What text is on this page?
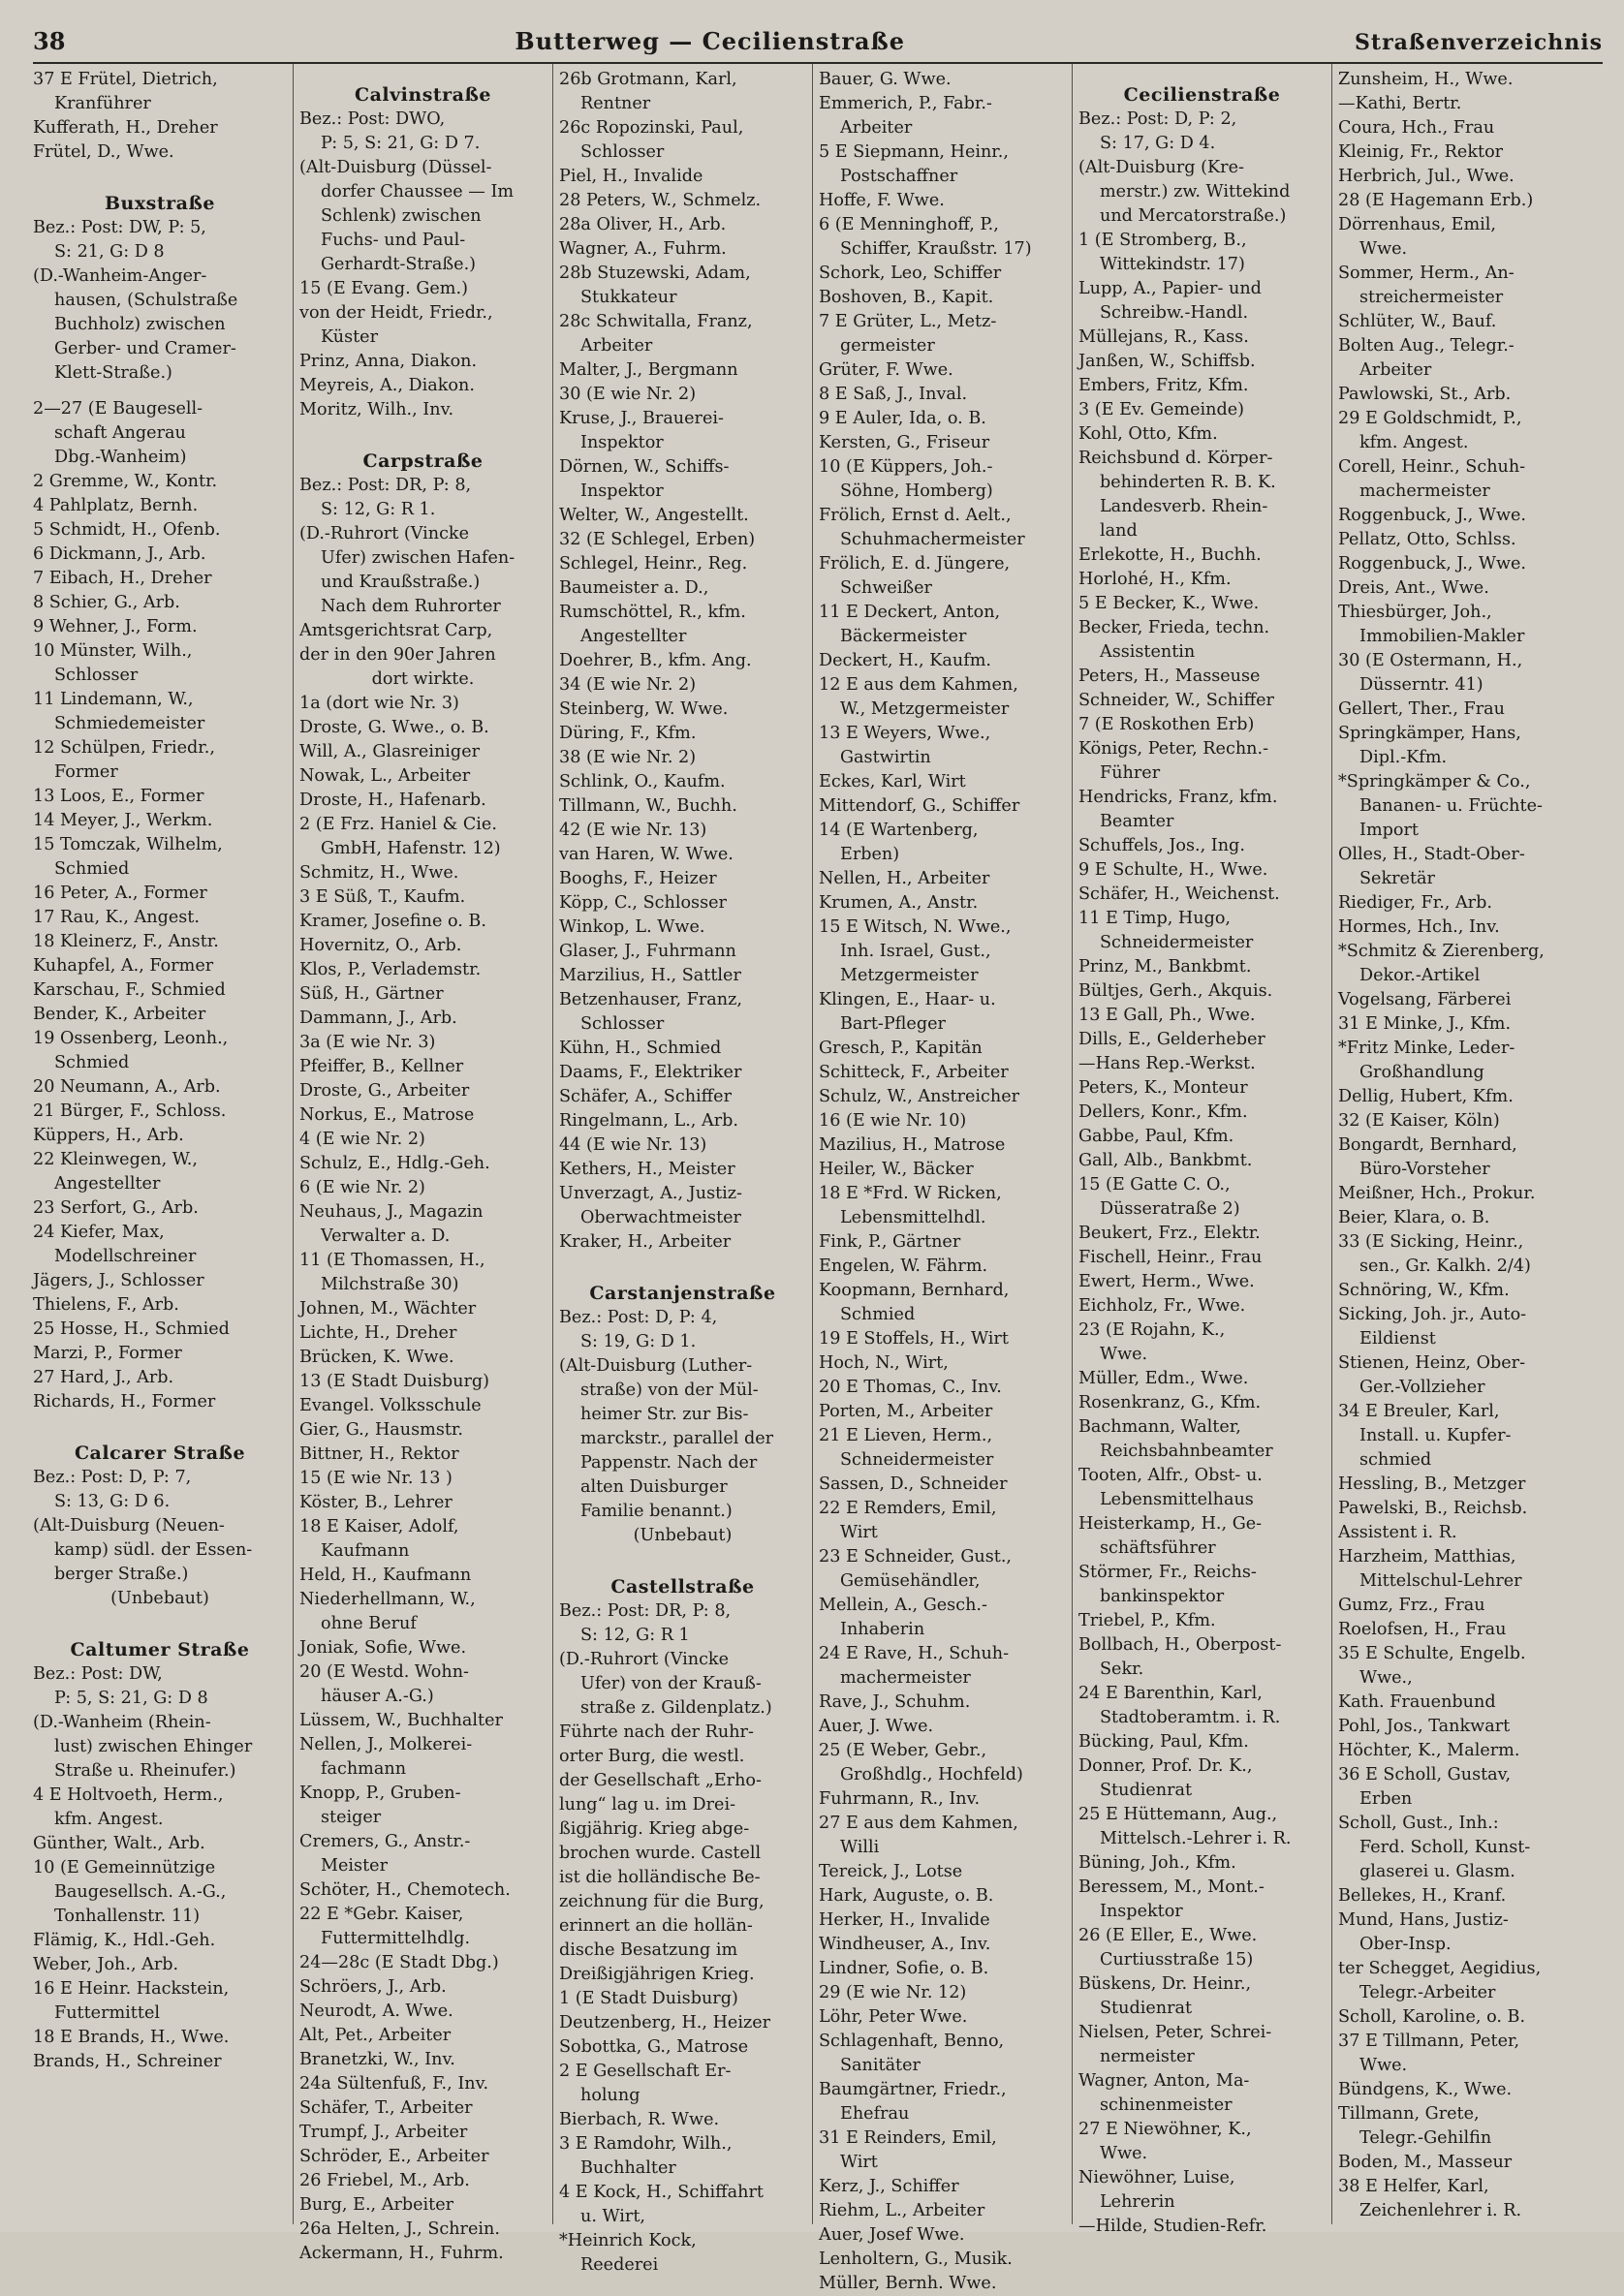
38	Butterweg — Cecilienstraße	Straßenverzeichnis
37 E Frütel, Dietrich,
Kranführer
Kufferath, H., Dreher
Frütel, D., Wwe.
Buxstraße
Bez.: Post: DW, P: 5,
S: 21, G: D 8
(D.-Wanheim-Anger-
hausen, (Schulstraße
Buchholz) zwischen
Gerber- und Cramer-
Klett-Straße.)
2—27 (E Baugesell-
schaft Angerau
Dbg.-Wanheim)
2 Gremme, W., Kontr.
4 Pahlplatz, Bernh.
5 Schmidt, H., Ofenb.
6 Dickmann, J., Arb.
7 Eibach, H., Dreher
8 Schier, G., Arb.
9 Wehner, J., Form.
10 Münster, Wilh.,
Schlosser
11 Lindemann, W.,
Schmiedemeister
12 Schülpen, Friedr.,
Former
13 Loos, E., Former
14 Meyer, J., Werkm.
15 Tomczak, Wilhelm,
Schmied
16 Peter, A., Former
17 Rau, K., Angest.
18 Kleinerz, F., Anstr.
Kuhapfel, A., Former
Karschau, F., Schmied
Bender, K., Arbeiter
19 Ossenberg, Leonh.,
Schmied
20 Neumann, A., Arb.
21 Bürger, F., Schloss.
Küppers, H., Arb.
22 Kleinwegen, W.,
Angestellter
23 Serfort, G., Arb.
24 Kiefer, Max,
Modellschreiner
Jägers, J., Schlosser
Thielens, F., Arb.
25 Hosse, H., Schmied
Marzi, P., Former
27 Hard, J., Arb.
Richards, H., Former
Calcarer Straße
Bez.: Post: D, P: 7,
S: 13, G: D 6.
(Alt-Duisburg (Neuen-
kamp) südl. der Essen-
berger Straße.)
(Unbebaut)
Caltumer Straße
Bez.: Post: DW,
P: 5, S: 21, G: D 8
(D.-Wanheim (Rhein-
lust) zwischen Ehinger
Straße u. Rheinufer.)
4 E Holtvoeth, Herm.,
kfm. Angest.
Günther, Walt., Arb.
10 (E Gemeinnützige
Baugesellsch. A.-G.,
Tonhallenstr. 11)
Flämig, K., Hdl.-Geh.
Weber, Joh., Arb.
16 E Heinr. Hackstein,
Futtermittel
18 E Brands, H., Wwe.
Brands, H., Schreiner
Calvinstraße
Bez.: Post: DWO,
P: 5, S: 21, G: D 7.
(Alt-Duisburg (Düssel-
dorfer Chaussee — Im
Schlenk) zwischen
Fuchs- und Paul-
Gerhardt-Straße.)
15 (E Evang. Gem.)
von der Heidt, Friedr.,
Küster
Prinz, Anna, Diakon.
Meyreis, A., Diakon.
Moritz, Wilh., Inv.
Carpstraße
Bez.: Post: DR, P: 8,
S: 12, G: R 1.
(D.-Ruhrort (Vincke
Ufer) zwischen Hafen-
und Kraußstraße.)
Nach dem Ruhrorter
Amtsgerichtsrat Carp,
der in den 90er Jahren
dort wirkte.
1a (dort wie Nr. 3)
Droste, G. Wwe., o. B.
Will, A., Glasreiniger
Nowak, L., Arbeiter
Droste, H., Hafenarb.
2 (E Frz. Haniel & Cie.
GmbH, Hafenstr. 12)
Schmitz, H., Wwe.
3 E Süß, T., Kaufm.
Kramer, Josefine o. B.
Hovernitz, O., Arb.
Klos, P., Verlademstr.
Süß, H., Gärtner
Dammann, J., Arb.
3a (E wie Nr. 3)
Pfeiffer, B., Kellner
Droste, G., Arbeiter
Norkus, E., Matrose
4 (E wie Nr. 2)
Schulz, E., Hdlg.-Geh.
6 (E wie Nr. 2)
Neuhaus, J., Magazin
Verwalter a. D.
11 (E Thomassen, H.,
Milchstraße 30)
Johnen, M., Wächter
Lichte, H., Dreher
Brücken, K. Wwe.
13 (E Stadt Duisburg)
Evangel. Volksschule
Gier, G., Hausmstr.
Bittner, H., Rektor
15 (E wie Nr. 13 )
Köster, B., Lehrer
18 E Kaiser, Adolf,
Kaufmann
Held, H., Kaufmann
Niederhellmann, W.,
ohne Beruf
Joniak, Sofie, Wwe.
20 (E Westd. Wohn-
häuser A.-G.)
Lüssem, W., Buchhalter
Nellen, J., Molkerei-
fachmann
Knopp, P., Gruben-
steiger
Cremers, G., Anstr.-
Meister
Schöter, H., Chemotech.
22 E *Gebr. Kaiser,
Futtermittelhdlg.
24—28c (E Stadt Dbg.)
Schröers, J., Arb.
Neurodt, A. Wwe.
Alt, Pet., Arbeiter
Branetzki, W., Inv.
24a Sültenfuß, F., Inv.
Schäfer, T., Arbeiter
Trumpf, J., Arbeiter
Schröder, E., Arbeiter
26 Friebel, M., Arb.
Burg, E., Arbeiter
26a Helten, J., Schrein.
Ackermann, H., Fuhrm.
26b Grotmann, Karl,
Rentner
26c Ropozinski, Paul,
Schlosser
Piel, H., Invalide
28 Peters, W., Schmelz.
28a Oliver, H., Arb.
Wagner, A., Fuhrm.
28b Stuzewski, Adam,
Stukkateur
28c Schwitalla, Franz,
Arbeiter
Malter, J., Bergmann
30 (E wie Nr. 2)
Kruse, J., Brauerei-
Inspektor
Dörnen, W., Schiffs-
Inspektor
Welter, W., Angestellt.
32 (E Schlegel, Erben)
Schlegel, Heinr., Reg.
Baumeister a. D.,
Rumschöttel, R., kfm.
Angestellter
Doehrer, B., kfm. Ang.
34 (E wie Nr. 2)
Steinberg, W. Wwe.
Düring, F., Kfm.
38 (E wie Nr. 2)
Schlink, O., Kaufm.
Tillmann, W., Buchh.
42 (E wie Nr. 13)
van Haren, W. Wwe.
Booghs, F., Heizer
Köpp, C., Schlosser
Winkop, L. Wwe.
Glaser, J., Fuhrmann
Marzilius, H., Sattler
Betzenhauser, Franz,
Schlosser
Kühn, H., Schmied
Daams, F., Elektriker
Schäfer, A., Schiffer
Ringelmann, L., Arb.
44 (E wie Nr. 13)
Kethers, H., Meister
Unverzagt, A., Justiz-
Oberwachtmeister
Kraker, H., Arbeiter
Carstanjenstraße
Bez.: Post: D, P: 4,
S: 19, G: D 1.
(Alt-Duisburg (Luther-
straße) von der Mül-
heimer Str. zur Bis-
marckstr., parallel der
Pappenstr. Nach der
alten Duisburger
Familie benannt.)
(Unbebaut)
Castellstraße
Bez.: Post: DR, P: 8,
S: 12, G: R 1
(D.-Ruhrort (Vincke
Ufer) von der Krauß-
straße z. Gildenplatz.)
Führte nach der Ruhr-
orter Burg, die westl.
der Gesellschaft „Erho-
lung“ lag u. im Drei-
ßigjährig. Krieg abge-
brochen wurde. Castell
ist die holländische Be-
zeichnung für die Burg,
erinnert an die hollän-
dische Besatzung im
Dreißigjährigen Krieg.
1 (E Stadt Duisburg)
Deutzenberg, H., Heizer
Sobottka, G., Matrose
2 E Gesellschaft Er-
holung
Bierbach, R. Wwe.
3 E Ramdohr, Wilh.,
Buchhalter
4 E Kock, H., Schiffahrt
u. Wirt,
*Heinrich Kock,
Reederei
Bauer, G. Wwe.
Emmerich, P., Fabr.-
Arbeiter
5 E Siepmann, Heinr.,
Postschaffner
Hoffe, F. Wwe.
6 (E Menninghoff, P.,
Schiffer, Kraußstr. 17)
Schork, Leo, Schiffer
Boshoven, B., Kapit.
7 E Grüter, L., Metz-
germeister
Grüter, F. Wwe.
8 E Saß, J., Inval.
9 E Auler, Ida, o. B.
Kersten, G., Friseur
10 (E Küppers, Joh.-
Söhne, Homberg)
Frölich, Ernst d. Aelt.,
Schuhmachermeister
Frölich, E. d. Jüngere,
Schweißer
11 E Deckert, Anton,
Bäckermeister
Deckert, H., Kaufm.
12 E aus dem Kahmen,
W., Metzgermeister
13 E Weyers, Wwe.,
Gastwirtin
Eckes, Karl, Wirt
Mittendorf, G., Schiffer
14 (E Wartenberg,
Erben)
Nellen, H., Arbeiter
Krumen, A., Anstr.
15 E Witsch, N. Wwe.,
Inh. Israel, Gust.,
Metzgermeister
Klingen, E., Haar- u.
Bart-Pfleger
Gresch, P., Kapitän
Schitteck, F., Arbeiter
Schulz, W., Anstreicher
16 (E wie Nr. 10)
Mazilius, H., Matrose
Heiler, W., Bäcker
18 E *Frd. W Ricken,
Lebensmittelhdl.
Fink, P., Gärtner
Engelen, W. Fährm.
Koopmann, Bernhard,
Schmied
19 E Stoffels, H., Wirt
Hoch, N., Wirt,
20 E Thomas, C., Inv.
Porten, M., Arbeiter
21 E Lieven, Herm.,
Schneidermeister
Sassen, D., Schneider
22 E Remders, Emil,
Wirt
23 E Schneider, Gust.,
Gemüsehändler,
Mellein, A., Gesch.-
Inhaberin
24 E Rave, H., Schuh-
machermeister
Rave, J., Schuhm.
Auer, J. Wwe.
25 (E Weber, Gebr.,
Großhdlg., Hochfeld)
Fuhrmann, R., Inv.
27 E aus dem Kahmen,
Willi
Tereick, J., Lotse
Hark, Auguste, o. B.
Herker, H., Invalide
Windheuser, A., Inv.
Lindner, Sofie, o. B.
29 (E wie Nr. 12)
Löhr, Peter Wwe.
Schlagenhaft, Benno,
Sanitäter
Baumgärtner, Friedr.,
Ehefrau
31 E Reinders, Emil,
Wirt
Kerz, J., Schiffer
Riehm, L., Arbeiter
Auer, Josef Wwe.
Lenholtern, G., Musik.
Müller, Bernh. Wwe.
Cecilienstraße
Bez.: Post: D, P: 2,
S: 17, G: D 4.
(Alt-Duisburg (Kre-
merstr.) zw. Wittekind
und Mercatorstraße.)
1 (E Stromberg, B.,
Wittekindstr. 17)
Lupp, A., Papier- und
Schreibw.-Handl.
Müllejans, R., Kass.
Janßen, W., Schiffsb.
Embers, Fritz, Kfm.
3 (E Ev. Gemeinde)
Kohl, Otto, Kfm.
Reichsbund d. Körper-
behinderten R. B. K.
Landesverb. Rhein-
land
Erlekotte, H., Buchh.
Horlohé, H., Kfm.
5 E Becker, K., Wwe.
Becker, Frieda, techn.
Assistentin
Peters, H., Masseuse
Schneider, W., Schiffer
7 (E Roskothen Erb)
Königs, Peter, Rechn.-
Führer
Hendricks, Franz, kfm.
Beamter
Schuffels, Jos., Ing.
9 E Schulte, H., Wwe.
Schäfer, H., Weichenst.
11 E Timp, Hugo,
Schneidermeister
Prinz, M., Bankbmt.
Bültjes, Gerh., Akquis.
13 E Gall, Ph., Wwe.
Dills, E., Gelderheber
—Hans Rep.-Werkst.
Peters, K., Monteur
Dellers, Konr., Kfm.
Gabbe, Paul, Kfm.
Gall, Alb., Bankbmt.
15 (E Gatte C. O.,
Düsseratraße 2)
Beukert, Frz., Elektr.
Fischell, Heinr., Frau
Ewert, Herm., Wwe.
Eichholz, Fr., Wwe.
23 (E Rojahn, K.,
Wwe.
Müller, Edm., Wwe.
Rosenkranz, G., Kfm.
Bachmann, Walter,
Reichsbahnbeamter
Tooten, Alfr., Obst- u.
Lebensmittelhaus
Heisterkamp, H., Ge-
schäftsführer
Störmer, Fr., Reichs-
bankinspektor
Triebel, P., Kfm.
Bollbach, H., Oberpost-
Sekr.
24 E Barenthin, Karl,
Stadtoberamtm. i. R.
Bücking, Paul, Kfm.
Donner, Prof. Dr. K.,
Studienrat
25 E Hüttemann, Aug.,
Mittelsch.-Lehrer i. R.
Büning, Joh., Kfm.
Beressem, M., Mont.-
Inspektor
26 (E Eller, E., Wwe.
Curtiusstraße 15)
Büskens, Dr. Heinr.,
Studienrat
Nielsen, Peter, Schrei-
nermeister
Wagner, Anton, Ma-
schinenmeister
27 E Niewöhner, K.,
Wwe.
Niewöhner, Luise,
Lehrerin
—Hilde, Studien-Refr.
Zunsheim, H., Wwe.
—Kathi, Bertr.
Coura, Hch., Frau
Kleinig, Fr., Rektor
Herbrich, Jul., Wwe.
28 (E Hagemann Erb.)
Dörrenhaus, Emil,
Wwe.
Sommer, Herm., An-
streichermeister
Schlüter, W., Bauf.
Bolten Aug., Telegr.-
Arbeiter
Pawlowski, St., Arb.
29 E Goldschmidt, P.,
kfm. Angest.
Corell, Heinr., Schuh-
machermeister
Roggenbuck, J., Wwe.
Pellatz, Otto, Schlss.
Roggenbuck, J., Wwe.
Dreis, Ant., Wwe.
Thiesbürger, Joh.,
Immobilien-Makler
30 (E Ostermann, H.,
Düsserntr. 41)
Gellert, Ther., Frau
Springkämper, Hans,
Dipl.-Kfm.
*Springkämper & Co.,
Bananen- u. Früchte-
Import
Olles, H., Stadt-Ober-
Sekretär
Riediger, Fr., Arb.
Hormes, Hch., Inv.
*Schmitz & Zierenberg,
Dekor.-Artikel
Vogelsang, Färberei
31 E Minke, J., Kfm.
*Fritz Minke, Leder-
Großhandlung
Dellig, Hubert, Kfm.
32 (E Kaiser, Köln)
Bongardt, Bernhard,
Büro-Vorsteher
Meißner, Hch., Prokur.
Beier, Klara, o. B.
33 (E Sicking, Heinr.,
sen., Gr. Kalkh. 2/4)
Schnöring, W., Kfm.
Sicking, Joh. jr., Auto-
Eildienst
Stienen, Heinz, Ober-
Ger.-Vollzieher
34 E Breuler, Karl,
Install. u. Kupfer-
schmied
Hessling, B., Metzger
Pawelski, B., Reichsb.
Assistent i. R.
Harzheim, Matthias,
Mittelschul-Lehrer
Gumz, Frz., Frau
Roelofsen, H., Frau
35 E Schulte, Engelb.
Wwe.,
Kath. Frauenbund
Pohl, Jos., Tankwart
Höchter, K., Malerm.
36 E Scholl, Gustav,
Erben
Scholl, Gust., Inh.:
Ferd. Scholl, Kunst-
glaserei u. Glasm.
Bellekes, H., Kranf.
Mund, Hans, Justiz-
Ober-Insp.
ter Schegget, Aegidius,
Telegr.-Arbeiter
Scholl, Karoline, o. B.
37 E Tillmann, Peter,
Wwe.
Bündgens, K., Wwe.
Tillmann, Grete,
Telegr.-Gehilfin
Boden, M., Masseur
38 E Helfer, Karl,
Zeichenlehrer i. R.
